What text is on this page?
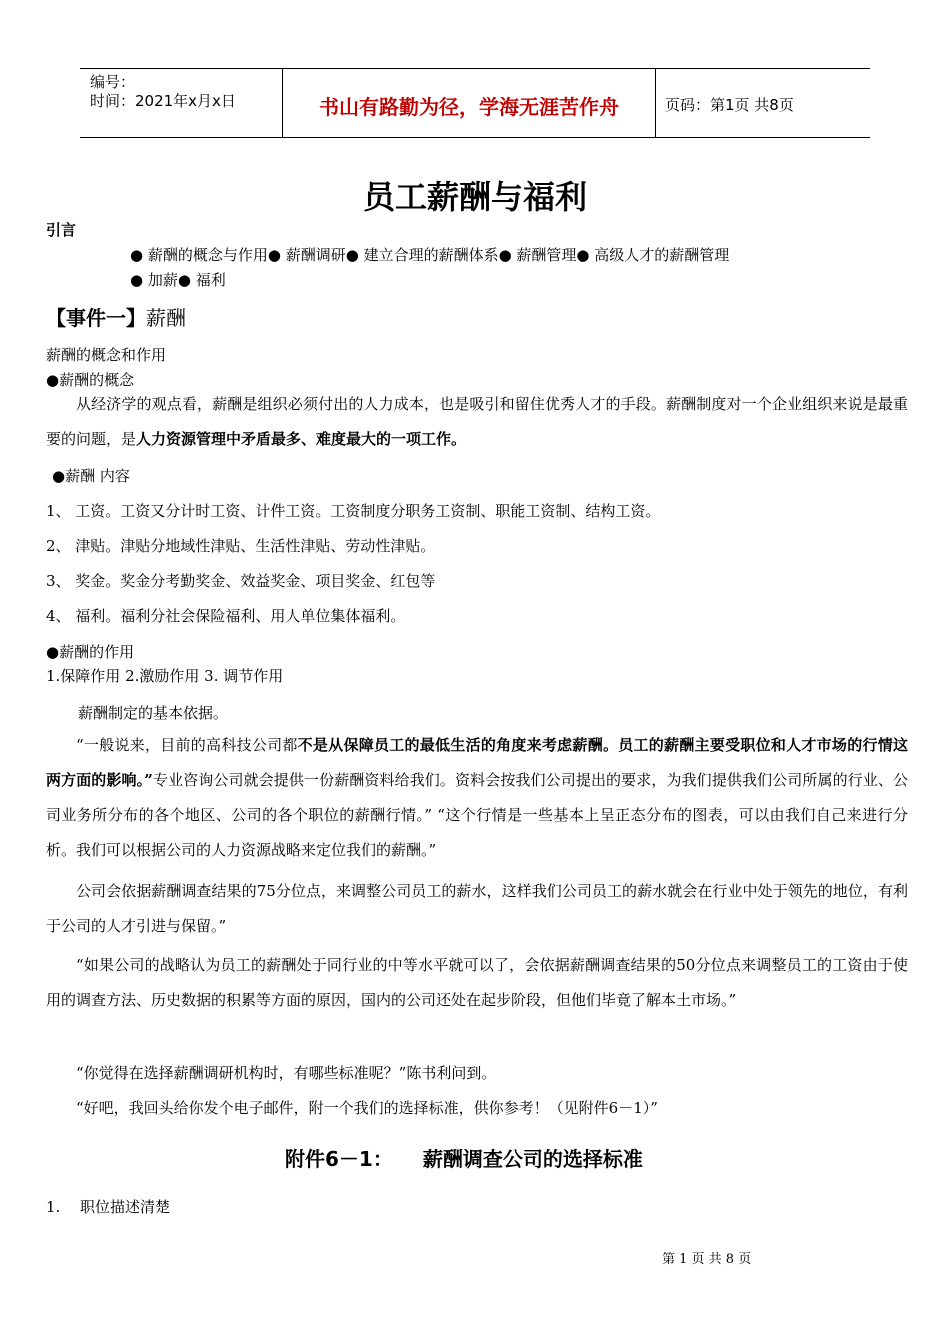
编号：
时间：2021年x月x日	书山有路勤为径，学海无涯苦作舟	页码：第1页 共8页
员工薪酬与福利
引言
● 薪酬的概念与作用● 薪酬调研● 建立合理的薪酬体系● 薪酬管理● 高级人才的薪酬管理
● 加薪● 福利
【事件一】薪酬
薪酬的概念和作用
●薪酬的概念
从经济学的观点看，薪酬是组织必须付出的人力成本，也是吸引和留住优秀人才的手段。薪酬制度对一个企业组织来说是最重要的问题，是人力资源管理中矛盾最多、难度最大的一项工作。
●薪酬 内容
1、 工资。工资又分计时工资、计件工资。工资制度分职务工资制、职能工资制、结构工资。
2、 津贴。津贴分地域性津贴、生活性津贴、劳动性津贴。
3、 奖金。奖金分考勤奖金、效益奖金、项目奖金、红包等
4、 福利。福利分社会保险福利、用人单位集体福利。
●薪酬的作用
1.保障作用 2.激励作用 3. 调节作用
薪酬制定的基本依据。
“一般说来，目前的高科技公司都不是从保障员工的最低生活的角度来考虑薪酬。员工的薪酬主要受职位和人才市场的行情这两方面的影响。”专业咨询公司就会提供一份薪酬资料给我们。资料会按我们公司提出的要求，为我们提供我们公司所属的行业、公司业务所分布的各个地区、公司的各个职位的薪酬行情。” “这个行情是一些基本上呈正态分布的图表，可以由我们自己来进行分析。我们可以根据公司的人力资源战略来定位我们的薪酬。”
公司会依据薪酬调查结果的75分位点，来调整公司员工的薪水，这样我们公司员工的薪水就会在行业中处于领先的地位，有利于公司的人才引进与保留。”
“如果公司的战略认为员工的薪酬处于同行业的中等水平就可以了，会依据薪酬调查结果的50分位点来调整员工的工资由于使用的调查方法、历史数据的积累等方面的原因，国内的公司还处在起步阶段，但他们毕竟了解本土市场。”
“你觉得在选择薪酬调研机构时，有哪些标准呢？”陈书利问到。
“好吧，我回头给你发个电子邮件，附一个我们的选择标准，供你参考！（见附件6－1）”
附件6－1： 薪酬调查公司的选择标准
1. 职位描述清楚
第 1 页 共 8 页
